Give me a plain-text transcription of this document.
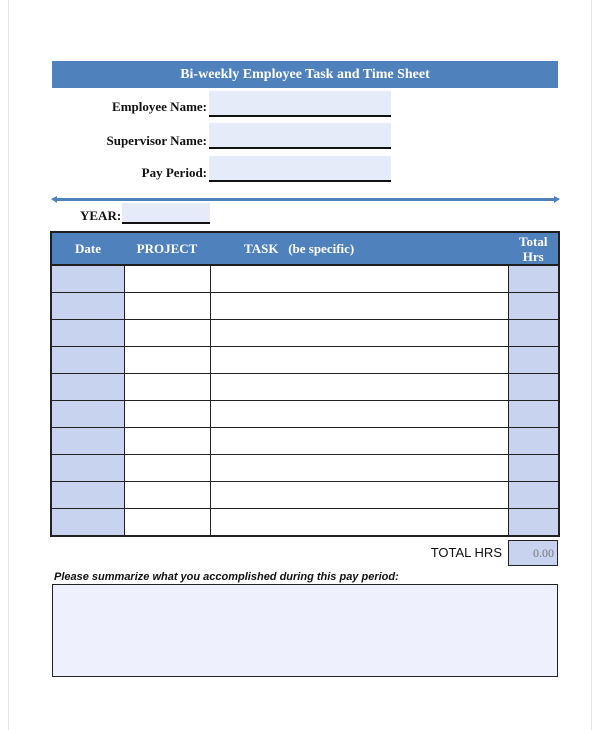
Bi-weekly Employee Task and Time Sheet
Employee Name:
Supervisor Name:
Pay Period:
YEAR:
Date	PROJECT	TASK (be specific)	Total
Hrs

TOTAL HRS	0.00
Please summarize what you accomplished during this pay period:
